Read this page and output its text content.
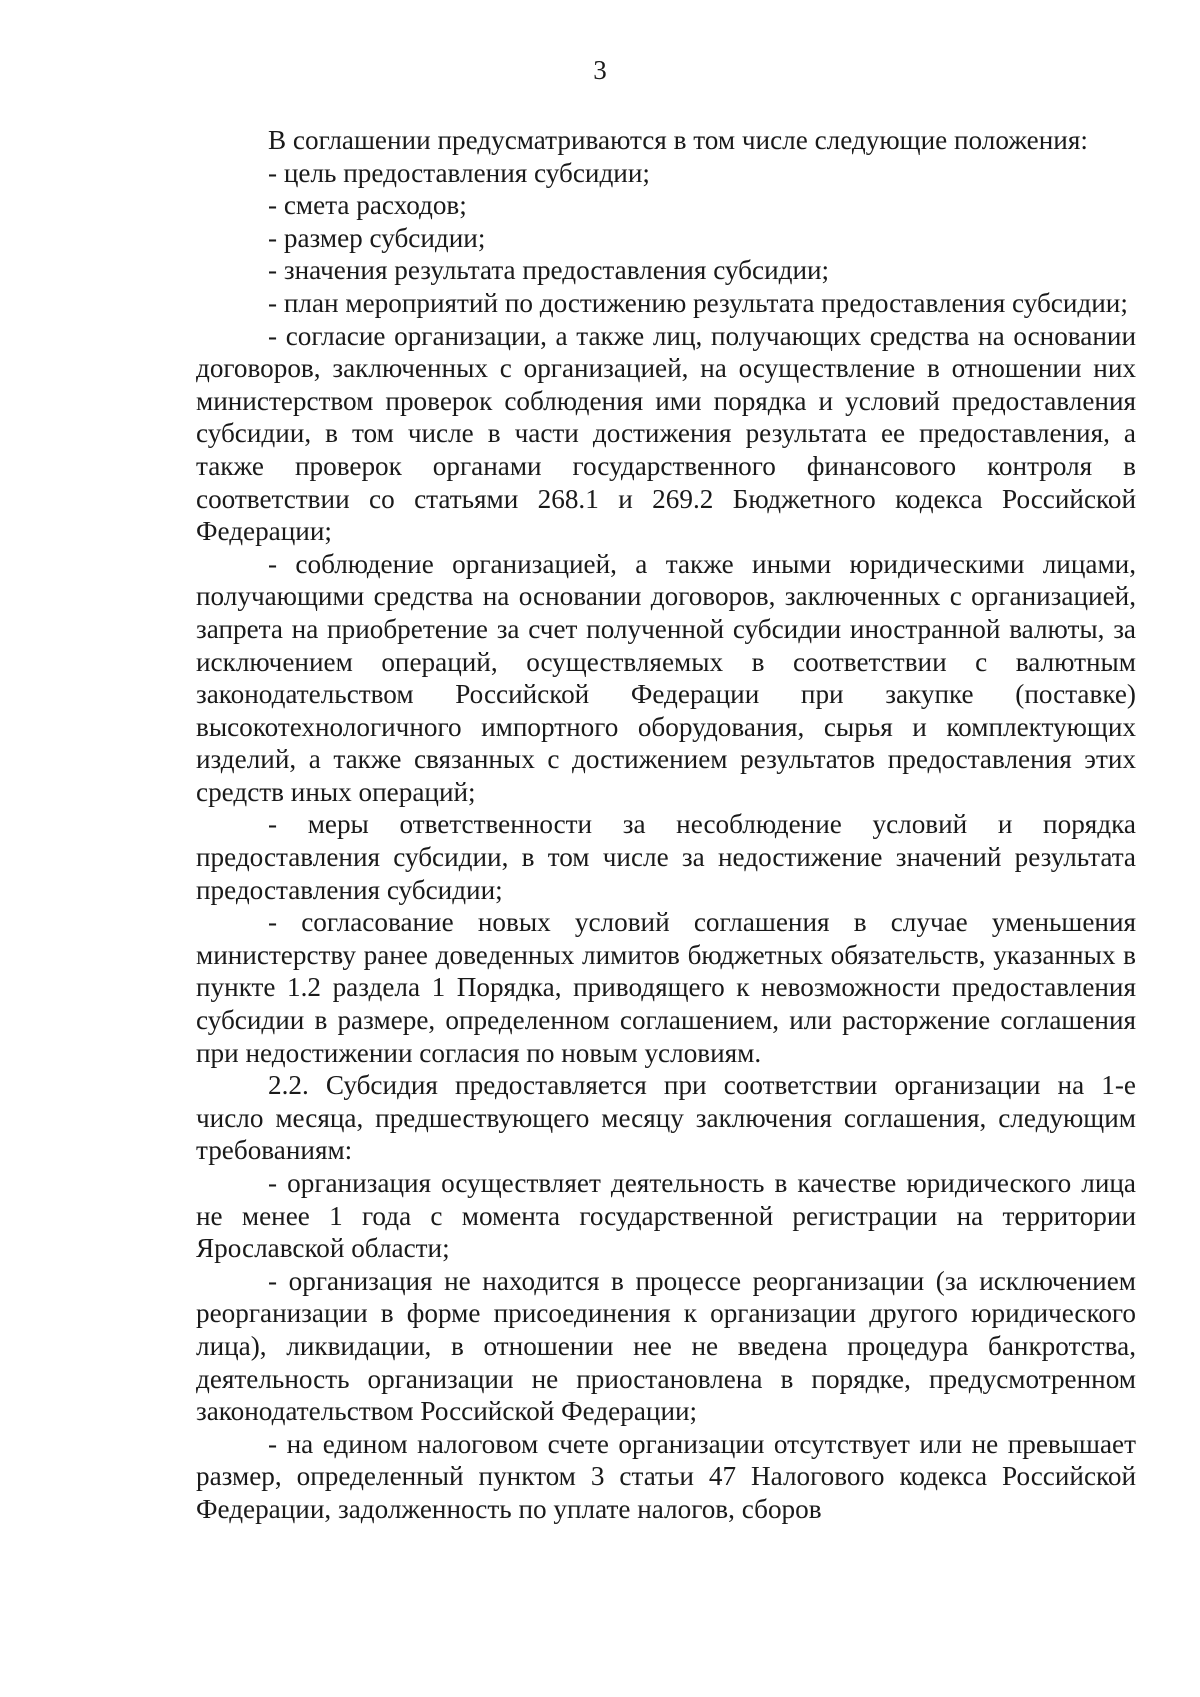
3

В соглашении предусматриваются в том числе следующие положения:

- цель предоставления субсидии;

- смета расходов;

- размер субсидии;

- значения результата предоставления субсидии;

- план мероприятий по достижению результата предоставления субсидии;

- согласие организации, а также лиц, получающих средства на основании договоров, заключенных с организацией, на осуществление в отношении них министерством проверок соблюдения ими порядка и условий предоставления субсидии, в том числе в части достижения результата ее предоставления, а также проверок органами государственного финансового контроля в соответствии со статьями 268.1 и 269.2 Бюджетного кодекса Российской Федерации;

- соблюдение организацией, а также иными юридическими лицами, получающими средства на основании договоров, заключенных с организацией, запрета на приобретение за счет полученной субсидии иностранной валюты, за исключением операций, осуществляемых в соответствии с валютным законодательством Российской Федерации при закупке (поставке) высокотехнологичного импортного оборудования, сырья и комплектующих изделий, а также связанных с достижением результатов предоставления этих средств иных операций;

- меры ответственности за несоблюдение условий и порядка предоставления субсидии, в том числе за недостижение значений результата предоставления субсидии;

- согласование новых условий соглашения в случае уменьшения министерству ранее доведенных лимитов бюджетных обязательств, указанных в пункте 1.2 раздела 1 Порядка, приводящего к невозможности предоставления субсидии в размере, определенном соглашением, или расторжение соглашения при недостижении согласия по новым условиям.

2.2. Субсидия предоставляется при соответствии организации на 1-е число месяца, предшествующего месяцу заключения соглашения, следующим требованиям:

- организация осуществляет деятельность в качестве юридического лица не менее 1 года с момента государственной регистрации на территории Ярославской области;

- организация не находится в процессе реорганизации (за исключением реорганизации в форме присоединения к организации другого юридического лица), ликвидации, в отношении нее не введена процедура банкротства, деятельность организации не приостановлена в порядке, предусмотренном законодательством Российской Федерации;

- на едином налоговом счете организации отсутствует или не превышает размер, определенный пунктом 3 статьи 47 Налогового кодекса Российской Федерации, задолженность по уплате налогов, сборов
